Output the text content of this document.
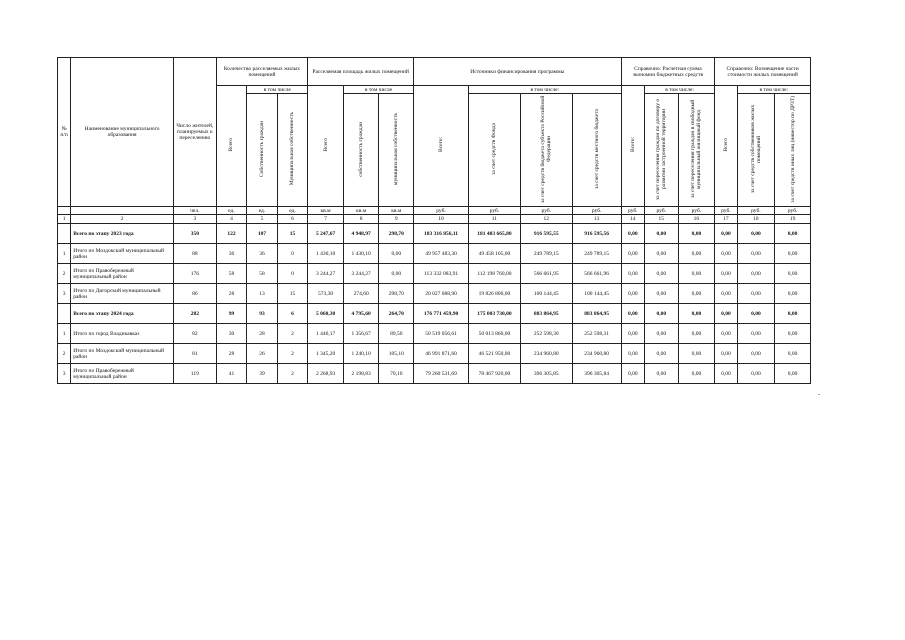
№ п/п	Наименование муниципального образования	Число жителей, планируемых к переселению	Количество расселяемых жилых помещений			Расселяемая площадь жилых помещений			Источники финансирования программы				Справочно: Расчетная сумма экономии бюджетных средств			Справочно: Возмещение части стоимости жилых помещений		
			Всего	в том числе		Всего	в том числе		Всего:	в том числе:			Всего:	в том числе:		Всего	в том числе:	
				Собственность граждан	Муниципальная собственность		собственность граждан	муниципальная собственность		за счет средств Фонда	за счет средств бюджета субъекта Российской Федерации	за счет средств местного бюджета		за счет переселения граждан по договору о развитии застроенной территории	за счет переселения граждан в свободный муниципальный жилищный фонд		за счет средств собственников жилых помещений	за счет средств иных лиц (инвестор по ДРЗТ)
		чел.	ед.	ед.	ед.	кв.м	кв.м	кв.м	руб.	руб.	руб.	руб.	руб.	руб.	руб.	руб.	руб.	руб.
1	2	3	4	5	6	7	8	9	10	11	12	13	14	15	16	17	18	19
	Всего по этапу 2023 года	350	122	107	15	5 247,67	4 948,97	298,70	183 316 856,11	181 483 665,80	916 595,55	916 595,56	0,00	0,00	0,00	0,00	0,00	0,00
1	Итого по Моздокский муниципальный район	88	36	36	0	1 430,10	1 430,10	0,00	49 957 483,30	49 458 105,00	249 789,15	249 789,15	0,00	0,00	0,00	0,00	0,00	0,00
2	Итого по Правобережный муниципальный район	176	58	58	0	3 244,27	3 244,27	0,00	113 332 083,91	112 198 760,00	566 661,95	566 661,96	0,00	0,00	0,00	0,00	0,00	0,00
3	Итого по Дигорский муниципальный район	86	28	13	15	573,30	274,60	298,70	20 027 088,90	19 826 800,00	100 144,45	100 144,45	0,00	0,00	0,00	0,00	0,00	0,00
	Всего по этапу 2024 года	282	99	93	6	5 060,30	4 795,60	264,70	176 771 459,90	175 003 730,00	883 864,95	883 864,95	0,00	0,00	0,00	0,00	0,00	0,00
1	Итого по город Владикавказ	82	30	28	2	1 446,17	1 356,67	89,50	50 519 056,61	50 013 860,00	252 598,30	252 598,31	0,00	0,00	0,00	0,00	0,00	0,00
2	Итого по Моздокский муниципальный район	81	28	26	2	1 345,20	1 240,10	105,10	46 991 871,60	46 521 950,00	234 960,80	234 960,80	0,00	0,00	0,00	0,00	0,00	0,00
3	Итого по Правобережный муниципальный район	119	41	39	2	2 268,93	2 198,83	70,10	79 260 531,69	78 467 920,00	396 305,85	396 305,84	0,00	0,00	0,00	0,00	0,00	0,00
-
